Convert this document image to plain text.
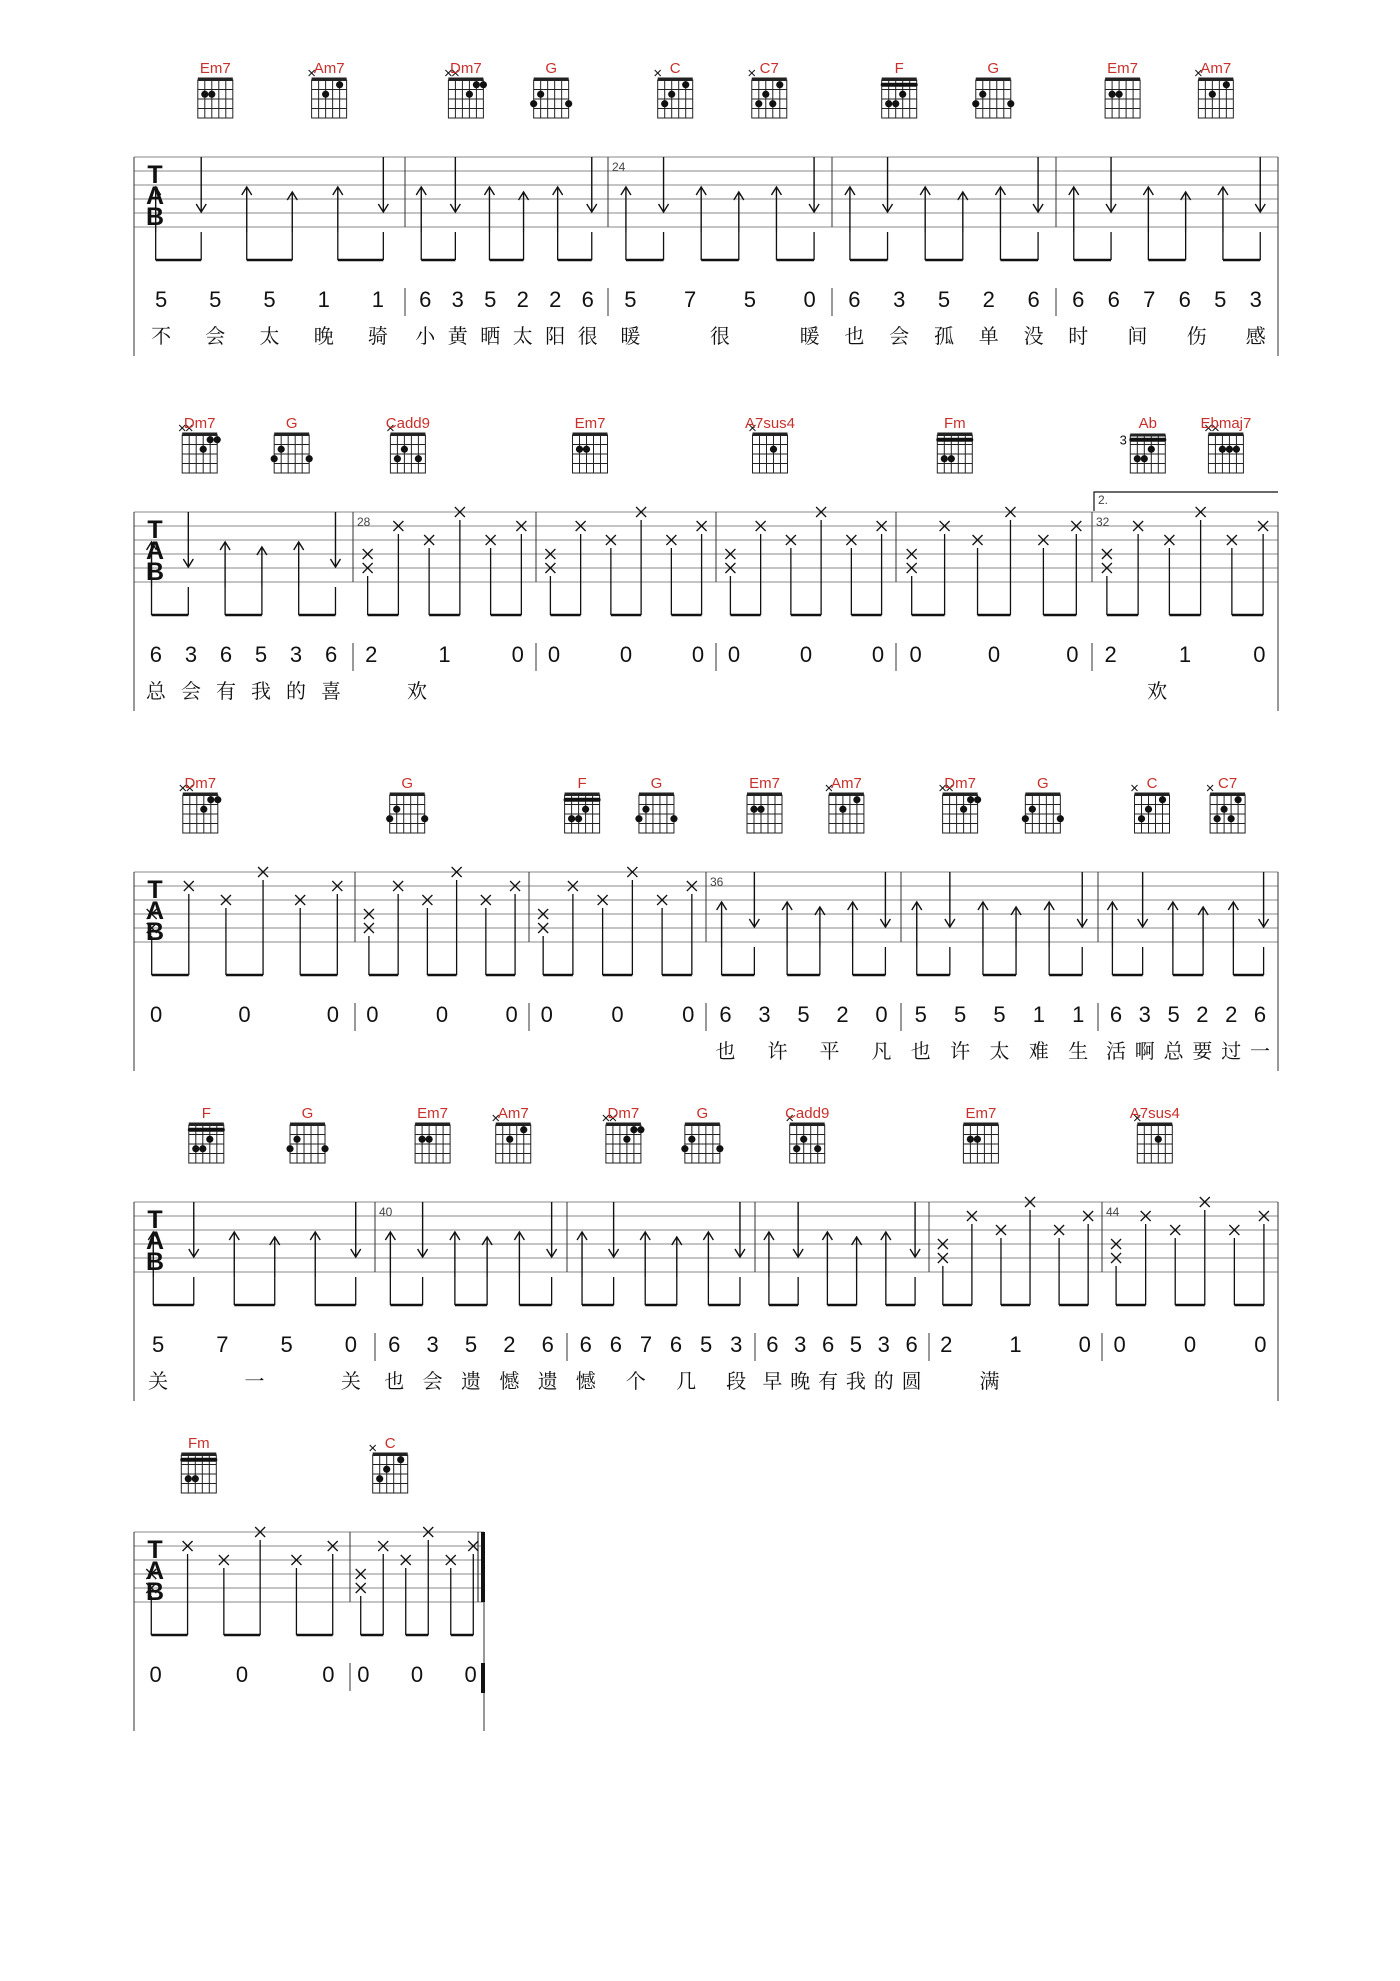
T
A
B
Em7	Am7
5 5 5 1 1
不 会 太 晚 骑
Dm7	G
6 3 5 2 2 6
小 黄 晒 太 阳 很
C	C7
24
5 7 5 0
暖	很	暖
F	G
6 3 5 2 6
也 会 孤 单 没
Em7	Am7
6 6 7 6 5 3
时 间 伤 感
T
A
B
Dm7	G
6 3 6 5 3 6
总 会 有 我 的 喜
Cadd9
28
2	1	0
欢
Em7
0	0	0
A7sus4
0	0	0
Fm
0	0	0
Ab
3
Ebmaj7
32
2.
2	1	0
欢
T
A
B
Dm7
0	0	0
G
0	0	0
F	G
0	0	0
Em7	Am7
36
6 3 5 2 0
也 许 平 凡
Dm7	G
5 5 5 1 1
也 许 太 难 生
C	C7
6 3 5 2 2 6
活 啊 总 要 过 一
T
A
B
F	G
5 7 5 0
关	一	关
Em7	Am7
40
6 3 5 2 6
也 会 遗 憾 遗
Dm7	G
6 6 7 6 5 3
憾 个 几 段
Cadd9
6 3 6 5 3 6
早 晚 有 我 的 圆
Em7
2	1	0
满
A7sus4
44
0	0	0
T
A
B
Fm
0	0	0
C
0 0 0
